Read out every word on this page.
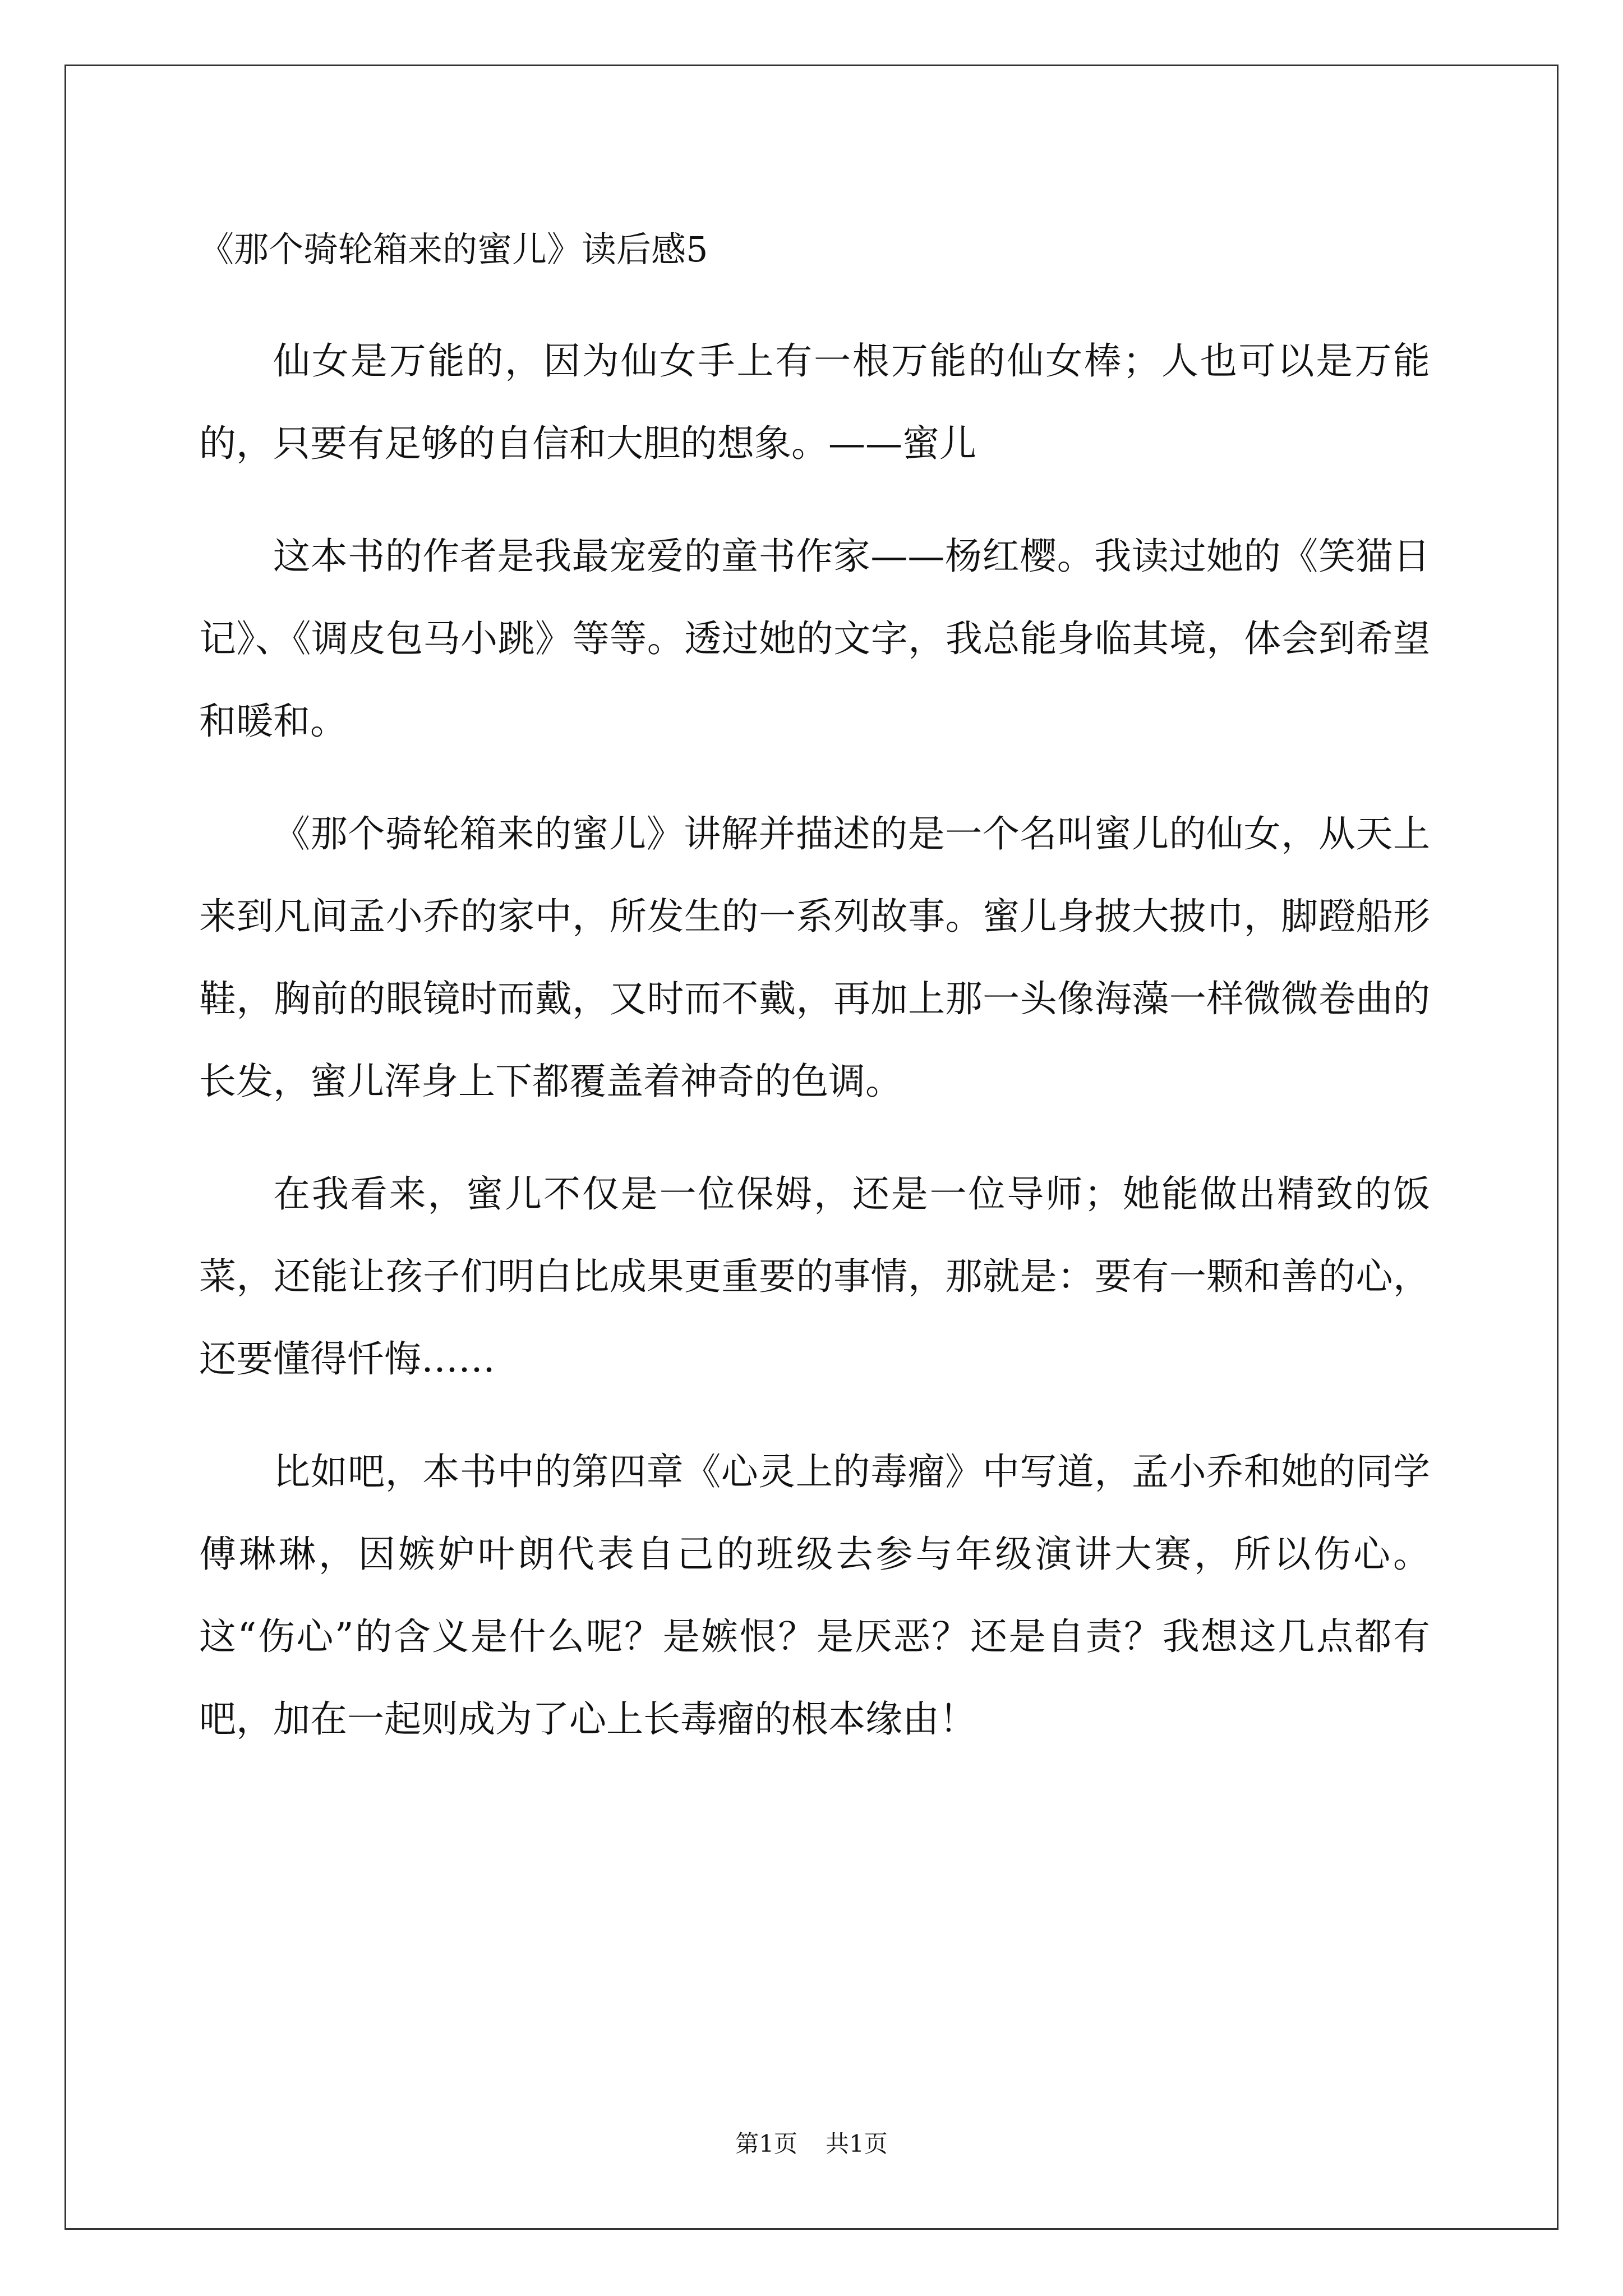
《那个骑轮箱来的蜜儿》读后感5

仙女是万能的，因为仙女手上有一根万能的仙女棒；人也可以是万能的，只要有足够的自信和大胆的想象。——蜜儿

这本书的作者是我最宠爱的童书作家——杨红樱。我读过她的《笑猫日记》、《调皮包马小跳》等等。透过她的文字，我总能身临其境，体会到希望和暖和。

《那个骑轮箱来的蜜儿》讲解并描述的是一个名叫蜜儿的仙女，从天上来到凡间孟小乔的家中，所发生的一系列故事。蜜儿身披大披巾，脚蹬船形鞋，胸前的眼镜时而戴，又时而不戴，再加上那一头像海藻一样微微卷曲的长发，蜜儿浑身上下都覆盖着神奇的色调。

在我看来，蜜儿不仅是一位保姆，还是一位导师；她能做出精致的饭菜，还能让孩子们明白比成果更重要的事情，那就是：要有一颗和善的心，还要懂得忏悔……

比如吧，本书中的第四章《心灵上的毒瘤》中写道，孟小乔和她的同学傅琳琳，因嫉妒叶朗代表自己的班级去参与年级演讲大赛，所以伤心。这“伤心”的含义是什么呢？是嫉恨？是厌恶？还是自责？我想这几点都有吧，加在一起则成为了心上长毒瘤的根本缘由！

第1页 共1页
